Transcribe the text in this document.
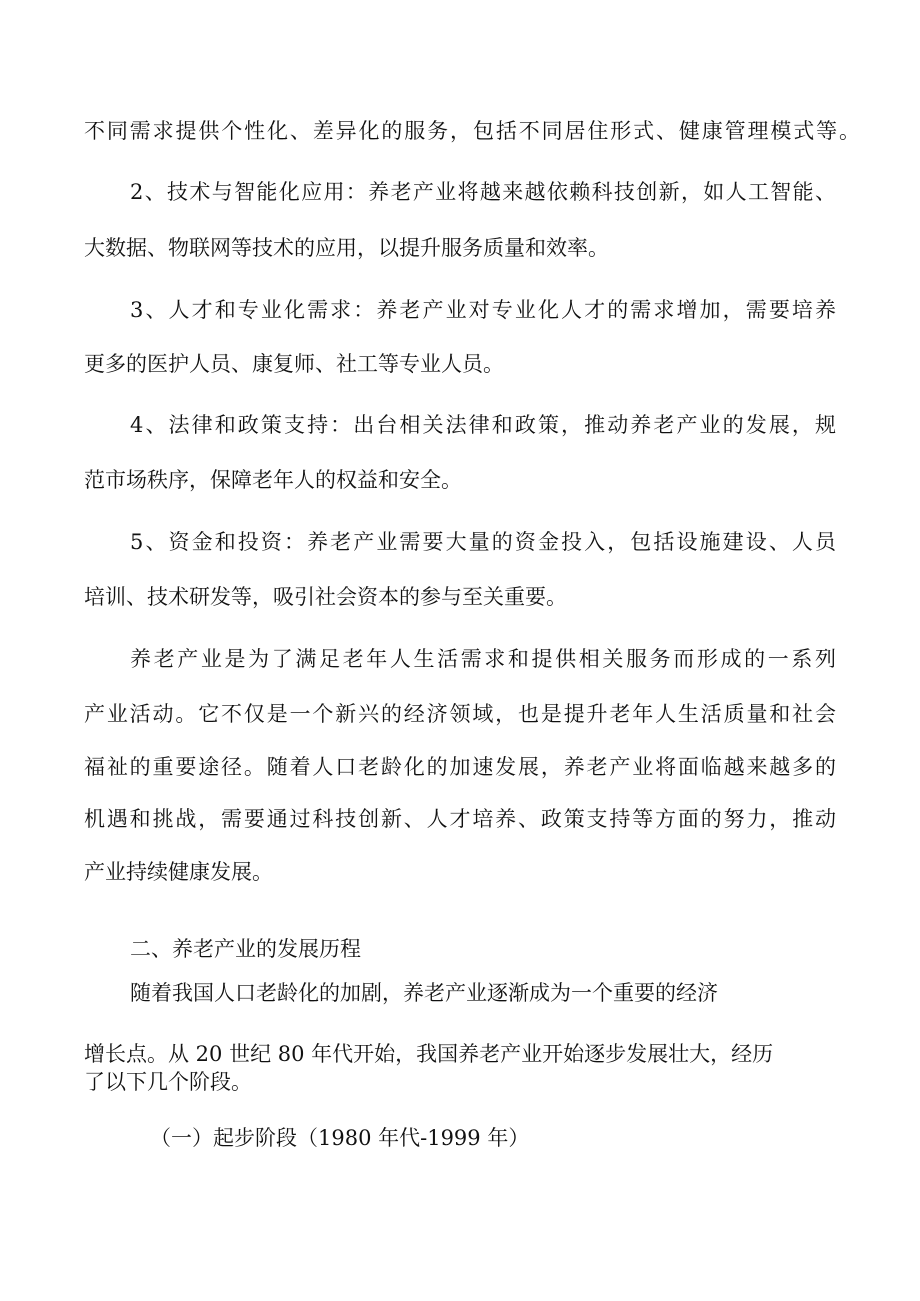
不同需求提供个性化、差异化的服务，包括不同居住形式、健康管理模式等。
2、技术与智能化应用：养老产业将越来越依赖科技创新，如人工智能、
大数据、物联网等技术的应用，以提升服务质量和效率。
3、人才和专业化需求：养老产业对专业化人才的需求增加，需要培养
更多的医护人员、康复师、社工等专业人员。
4、法律和政策支持：出台相关法律和政策，推动养老产业的发展，规
范市场秩序，保障老年人的权益和安全。
5、资金和投资：养老产业需要大量的资金投入，包括设施建设、人员
培训、技术研发等，吸引社会资本的参与至关重要。
养老产业是为了满足老年人生活需求和提供相关服务而形成的一系列
产业活动。它不仅是一个新兴的经济领域，也是提升老年人生活质量和社会
福祉的重要途径。随着人口老龄化的加速发展，养老产业将面临越来越多的
机遇和挑战，需要通过科技创新、人才培养、政策支持等方面的努力，推动
产业持续健康发展。
二、养老产业的发展历程
随着我国人口老龄化的加剧，养老产业逐渐成为一个重要的经济
增长点。从 20 世纪 80 年代开始，我国养老产业开始逐步发展壮大，经历
了以下几个阶段。
（一）起步阶段（1980 年代-1999 年）
